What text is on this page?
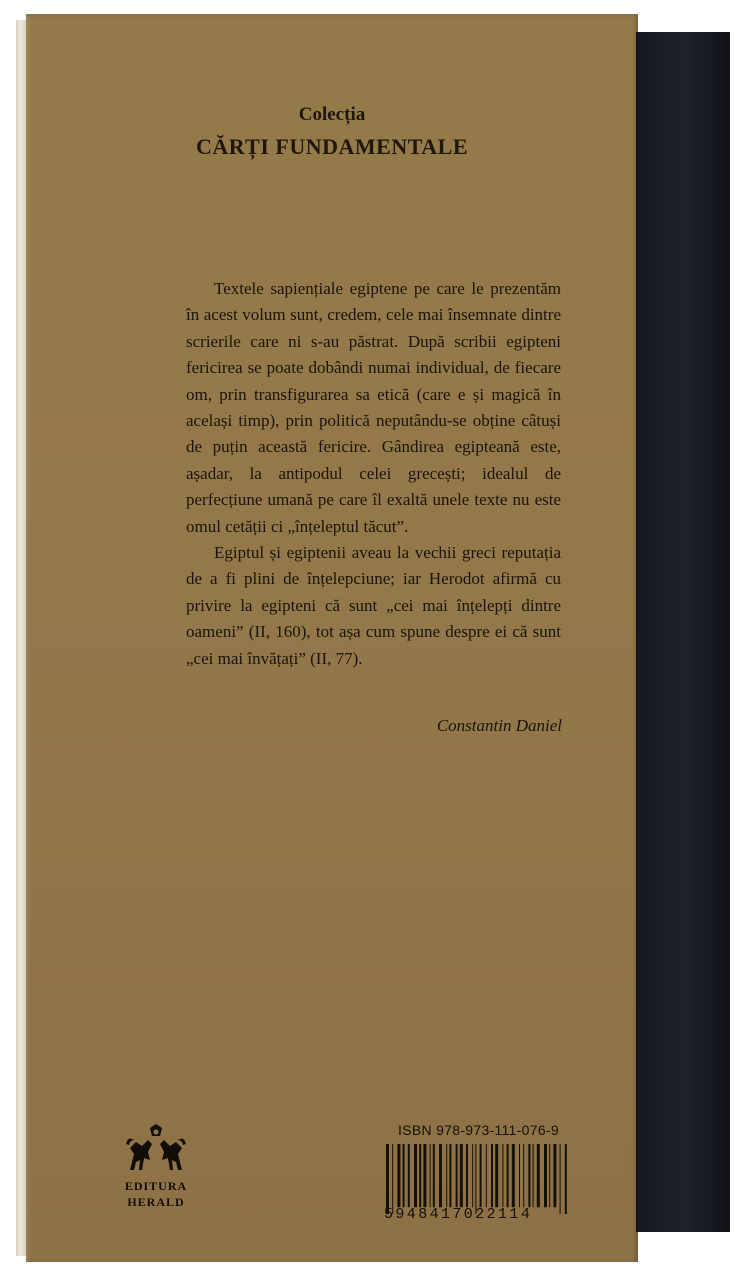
Colecția
CĂRȚI FUNDAMENTALE

Textele sapiențiale egiptene pe care le prezentăm în acest volum sunt, credem, cele mai însemnate dintre scrierile care ni s-au păstrat. După scribii egipteni fericirea se poate dobândi numai individual, de fiecare om, prin transfigurarea sa etică (care e și magică în același timp), prin politică neputându-se obține câtuși de puțin această fericire. Gândirea egipteană este, așadar, la antipodul celei grecești; idealul de perfecțiune umană pe care îl exaltă unele texte nu este omul cetății ci „înțeleptul tăcut”.

Egiptul și egiptenii aveau la vechii greci reputația de a fi plini de înțelepciune; iar Herodot afirmă cu privire la egipteni că sunt „cei mai înțelepți dintre oameni” (II, 160), tot așa cum spune despre ei că sunt „cei mai învățați” (II, 77).

Constantin Daniel
EDITURA
HERALD
ISBN 978-973-111-076-9
5948417022114
